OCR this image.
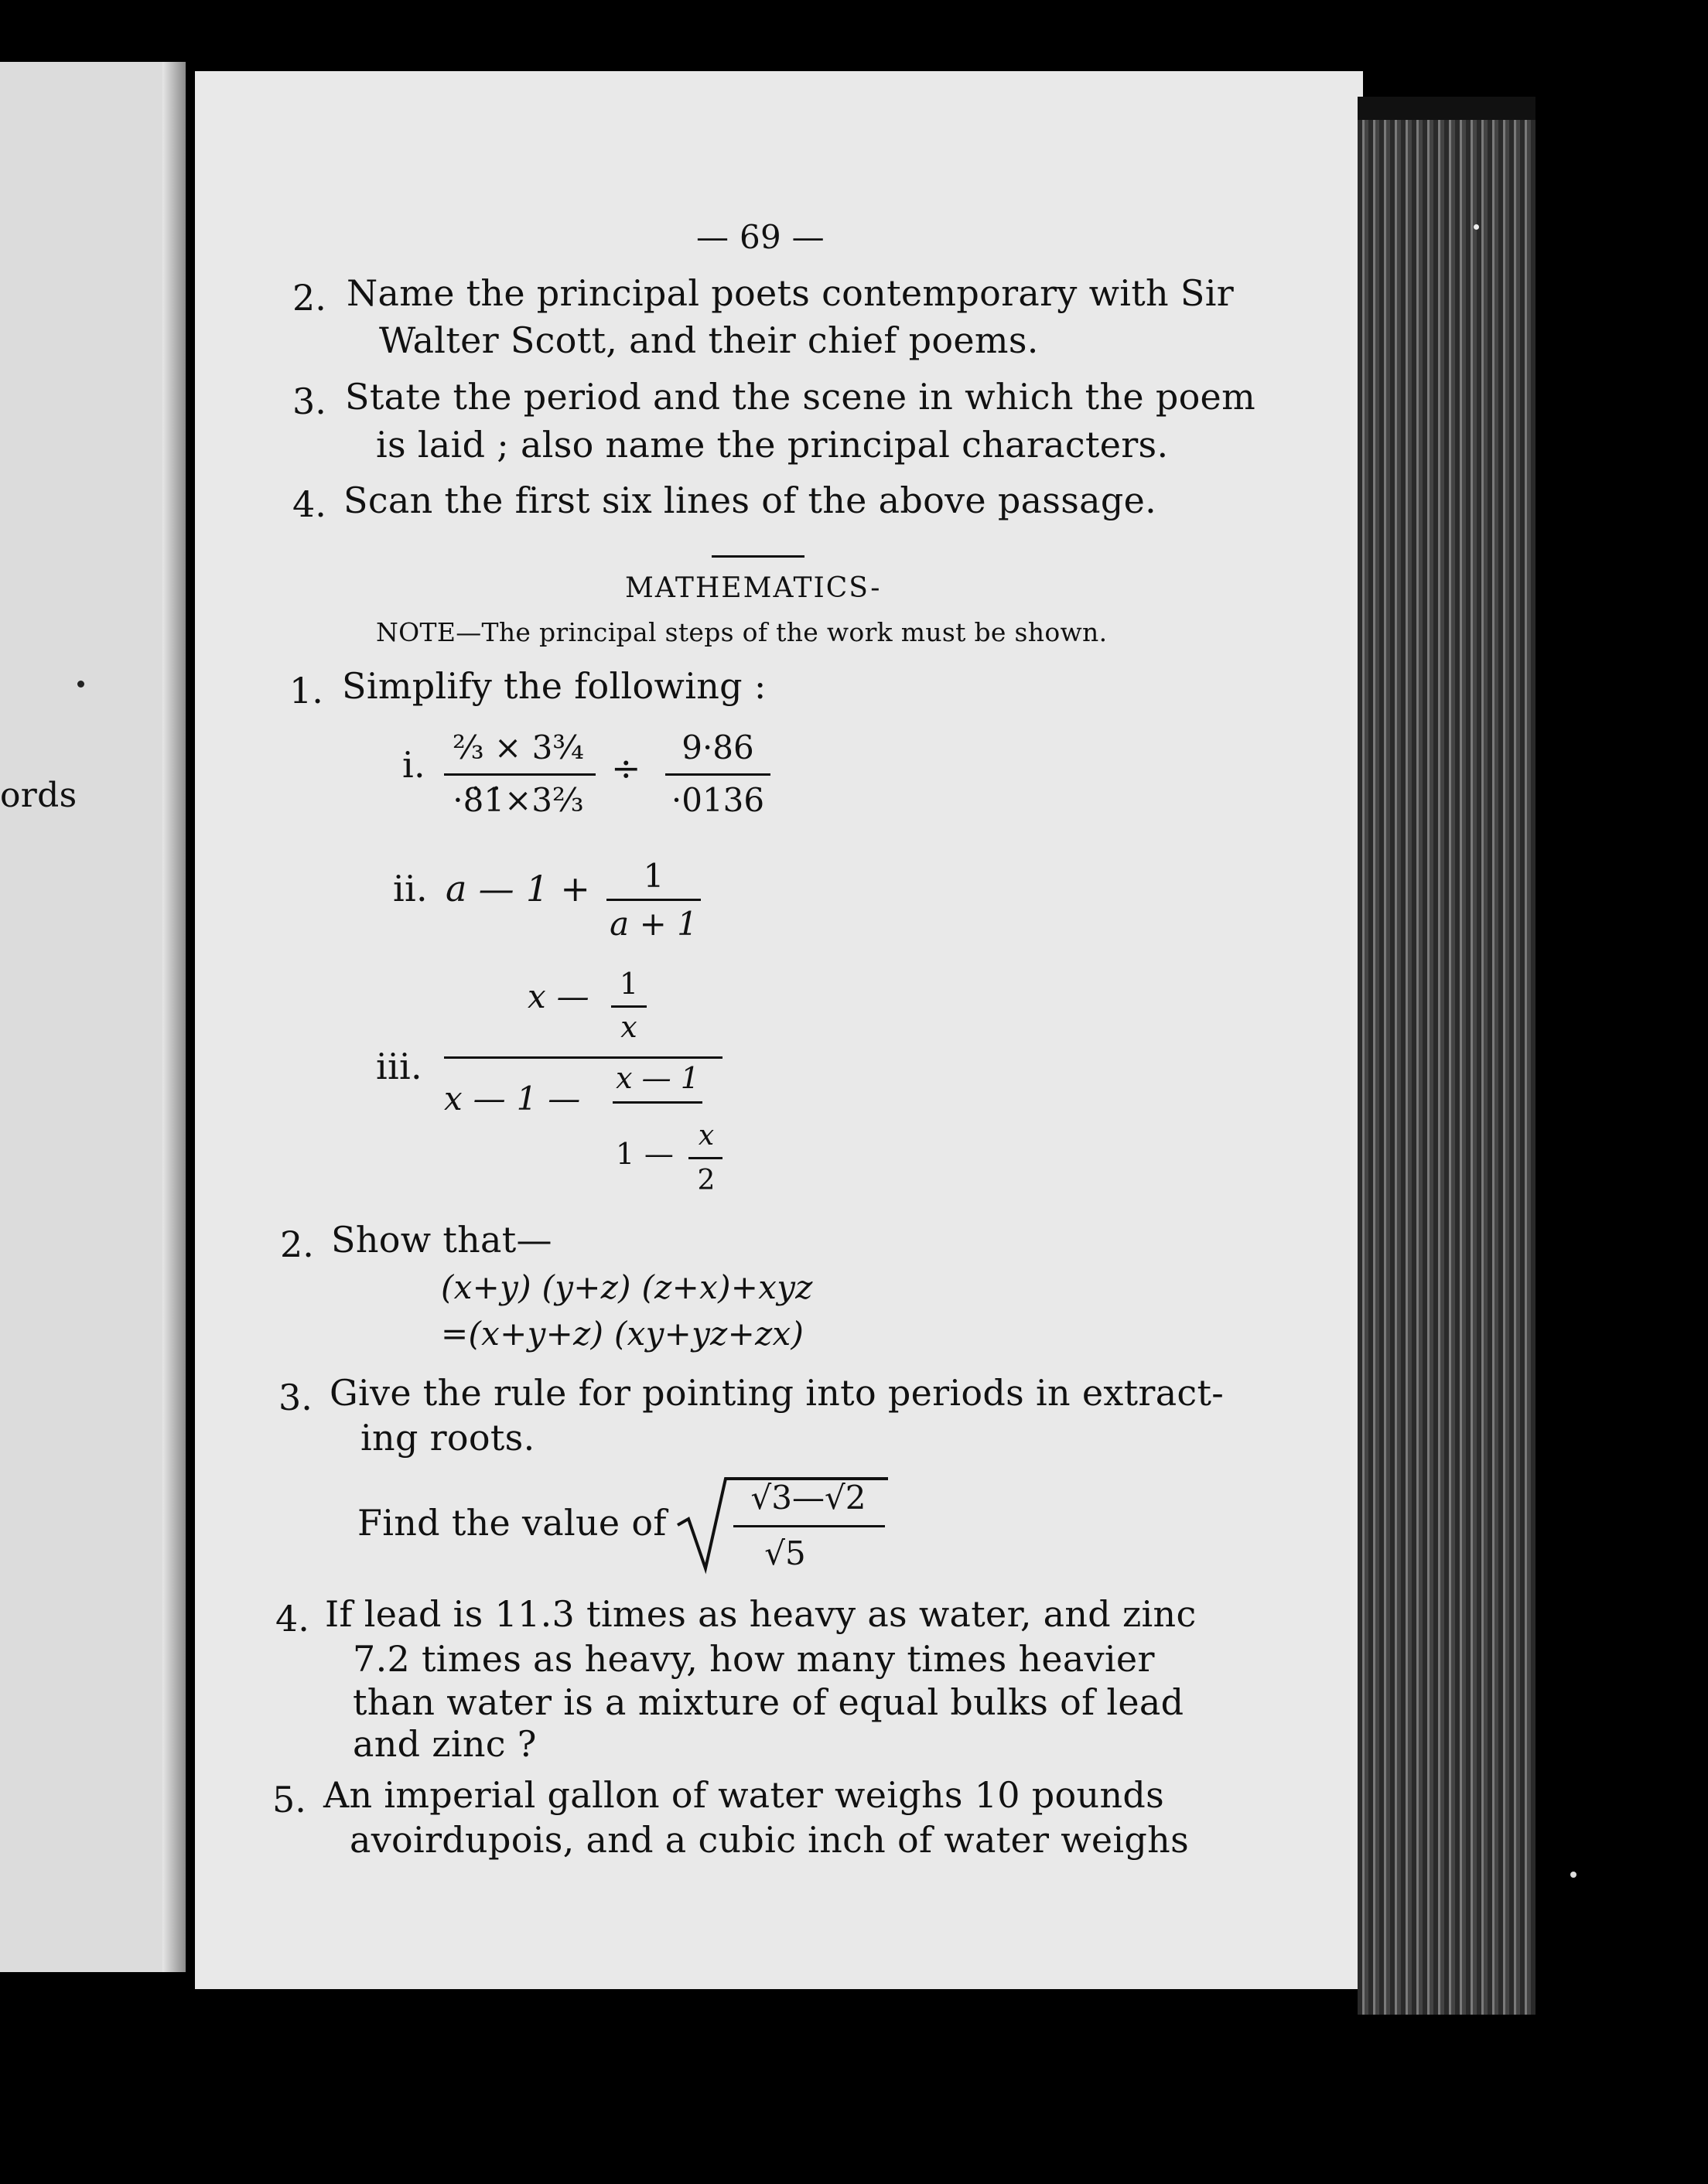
ords
— 69 —
2. Name the principal poets contemporary with Sir
Walter Scott, and their chief poems.
3. State the period and the scene in which the poem
is laid ; also name the principal characters.
4. Scan the first six lines of the above passage.
MATHEMATICS-
NOTE—The principal steps of the work must be shown.
1. Simplify the following :
i. ⅔ × 3¾
·8̇1̇×3⅔
÷	9·86
·0136
ii. a — 1 +	1
a + 1
iii.
x —	1
x
x — 1 —
x — 1
1 —
x
2
2. Show that—
(x+y) (y+z) (z+x)+xyz
=(x+y+z) (xy+yz+zx)
3. Give the rule for pointing into periods in extract-
ing roots.
Find the value of
√3—√2
√5
4. If lead is 11.3 times as heavy as water, and zinc
7.2 times as heavy, how many times heavier
than water is a mixture of equal bulks of lead
and zinc ?
5. An imperial gallon of water weighs 10 pounds
avoirdupois, and a cubic inch of water weighs
